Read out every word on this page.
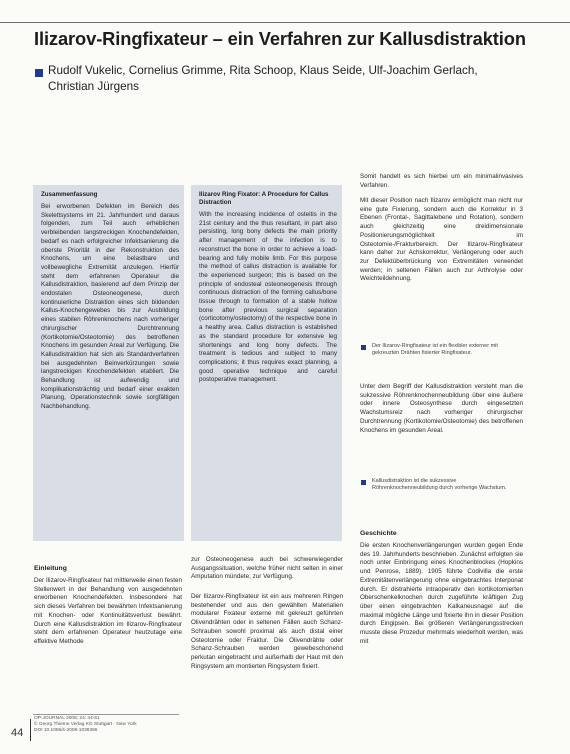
Ilizarov-Ringfixateur – ein Verfahren zur Kallusdistraktion
Rudolf Vukelic, Cornelius Grimme, Rita Schoop, Klaus Seide, Ulf-Joachim Gerlach,
Christian Jürgens
Zusammenfassung
Bei erworbenen Defekten im Bereich des Skelettsystems im 21. Jahrhundert und daraus folgenden, zum Teil auch erheblichen verbleibenden langstreckigen Knochendefekten, bedarf es nach erfolgreicher Infektsanierung die oberste Priorität in der Rekonstruktion des Knochens, um eine belastbare und vollbewegliche Extremität anzulegen. Hierfür steht dem erfahrenen Operateur die Kallusdistraktion, basierend auf dem Prinzip der endostalen Osteoneogenese, durch kontinuierliche Distraktion eines sich bildenden Kallus-Knochengewebes bis zur Ausbildung eines stabilen Röhrenknochens nach vorheriger chirurgischer Durchtrennung (Kortikotomie/Osteotomie) des betroffenen Knochens im gesunden Areal zur Verfügung. Die Kallusdistraktion hat sich als Standardverfahren bei ausgedehnten Beinverkürzungen sowie langstreckigen Knochendefekten etabliert. Die Behandlung ist aufwendig und komplikationsträchtig und bedarf einer exakten Planung, Operationstechnik sowie sorgfältigen Nachbehandlung.
Ilizarov Ring Fixator: A Procedure for Callus Distraction
With the increasing incidence of osteitis in the 21st century and the thus resultant, in part also persisting, long bony defects the main priority after management of the infection is to reconstruct the bone in order to achieve a load-bearing and fully mobile limb. For this purpose the method of callus distraction is available for the experienced surgeon; this is based on the principle of endosteal osteoneogenesis through continuous distraction of the forming callus/bone tissue through to formation of a stable hollow bone after previous surgical separation (corticotomy/osteotomy) of the respective bone in a healthy area. Callus distraction is established as the standard procedure for extensive leg shortenings and long bony defects. The treatment is tedious and subject to many complications; it thus requires exact planning, a good operative technique and careful postoperative management.
Somit handelt es sich hierbei um ein minimalinvasives Verfahren.
Mit dieser Position nach Ilizarov ermöglicht man nicht nur eine gute Fixierung, sondern auch die Korrektur in 3 Ebenen (Frontal-, Sagittalebene und Rotation), sondern auch gleichzeitig eine dreidimensionale Positionierungsmöglichkeit im Osteotomie-/Frakturbereich. Der Ilizarov-Ringfixateur kann daher zur Achskorrektur, Verlängerung oder auch zur Defektüberbrückung von Extremitäten verwendet werden; in seltenen Fällen auch zur Arthrolyse oder Weichteildehnung.
Der Ilizarov-Ringfixateur ist ein flexibler externer mit gekreuzten Drähten fixierter Ringfixateur.
Unter dem Begriff der Kallusdistraktion versteht man die sukzessive Röhrenknochenneubildung über eine äußere oder innere Osteosynthese durch eingesetzten Wachstumsreiz nach vorheriger chirurgischer Durchtrennung (Kortikotomie/Osteotomie) des betroffenen Knochens im gesunden Areal.
Kallusdistraktion ist die sukzessive Röhrenknochenneubildung durch vorherige Wachstum.
Geschichte
Die ersten Knochenverlängerungen wurden gegen Ende des 19. Jahrhunderts beschrieben. Zunächst erfolgten sie noch unter Einbringung eines Knochenblockes (Hopkins und Penrose, 1889). 1905 führte Codivilla die erste Extremitätenverlängerung ohne eingebrachtes Interponat durch. Er distrahierte intraoperativ den kortikotomierten Oberschenkelknochen durch zugeführte kräftigen Zug über einen eingebrachten Kalkaneusnagel auf die maximal mögliche Länge und fixierte ihn in dieser Position durch Eingipsen. Bei größeren Verlängerungsstrecken musste diese Prozedur mehrmals wiederholt werden, was mit
Einleitung
Der Ilizarov-Ringfixateur hat mittlerweile einen festen Stellenwert in der Behandlung von ausgedehnten erworbenen Knochendefekten. Insbesondere hat sich dieses Verfahren bei bewährten Infektsanierung mit Knochen- oder Kontinuitätsverlust bewährt. Durch eine Kallusdistraktion im Ilizarov-Ringfixateur steht dem erfahrenen Operateur heutzutage eine effektive Methode
zur Osteoneogenese auch bei schwerwiegender Ausgangssituation, welche früher nicht selten in einer Amputation mündete, zur Verfügung.
Der Ilizarov-Ringfixateur ist ein aus mehreren Ringen bestehender und aus den gewählten Materialien modularer Fixateur externe mit gekreuzt geführten Olivendrähten oder in seltenen Fällen auch Schanz-Schrauben sowohl proximal als auch distal einer Osteotomie oder Fraktur. Die Olivendrähte oder Schanz-Schrauben werden gewebeschonend perkutan eingebracht und außerhalb der Haut mit den Ringsystem am montierten Ringsystem fixiert.
OP-JOURNAL 2008; 24: 44-51
© Georg Thieme Verlag KG Stuttgart · New York
DOI 10.1055/s-2008-1038366
44
